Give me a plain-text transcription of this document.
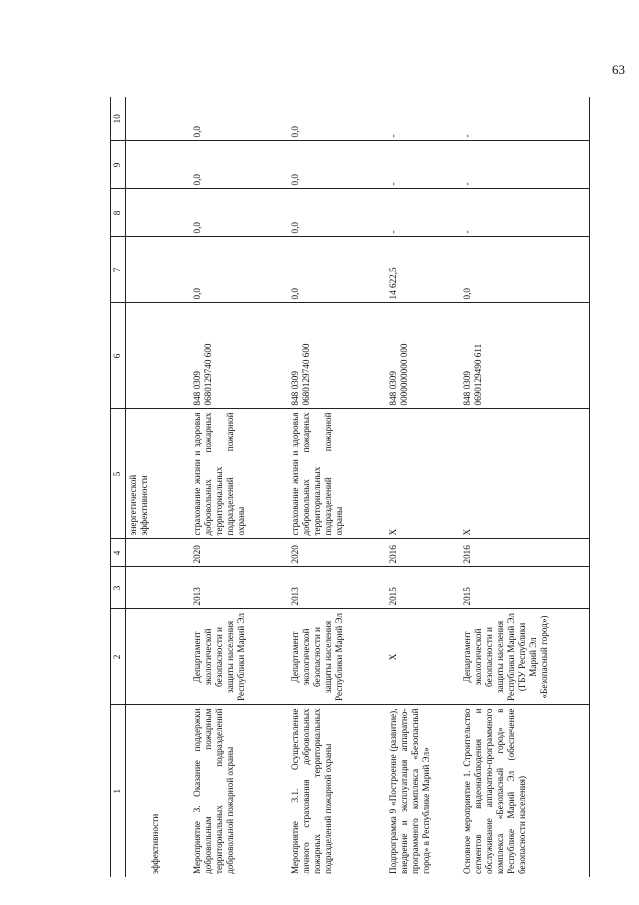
63
1	2	3	4	5	6	7	8	9	10
эффективности				энергетической эффективности					
Мероприятие 3. Оказание поддержки добровольным пожарным территориальных подразделений добровольной пожарной охраны	Департамент экологической безопасности и защиты населения Республики Марий Эл	2013	2020	страхование жизни и здоровья добровольных пожарных территориальных подразделений пожарной охраны	848 0309 0680129740 600	0,0	0,0	0,0	0,0
Мероприятие 3.1. Осуществление личного страхования добровольных пожарных территориальных подразделений пожарной охраны	Департамент экологической безопасности и защиты населения Республики Марий Эл	2013	2020	страхование жизни и здоровья добровольных пожарных территориальных подразделений пожарной охраны	848 0309 0680129740 600	0,0	0,0	0,0	0,0
Подпрограмма 9 «Построение (развитие), внедрение и эксплуатация аппаратно-программного комплекса «Безопасный город» в Республике Марий Эл»	X	2015	2016	X	848 0309 0000000000 000	14 622,5	-	-	-
Основное мероприятие 1. Строительство сегментов видеонаблюдения и обслуживание аппаратно-программного комплекса «Безопасный город» в Республике Марий Эл (обеспечение безопасности населения)	Департамент экологической безопасности и защиты населения Республики Марий Эл (ГБУ Республики Марий Эл «Безопасный город»)	2015	2016	X	848 0309 0690129490 611	0,0	-	-	-
